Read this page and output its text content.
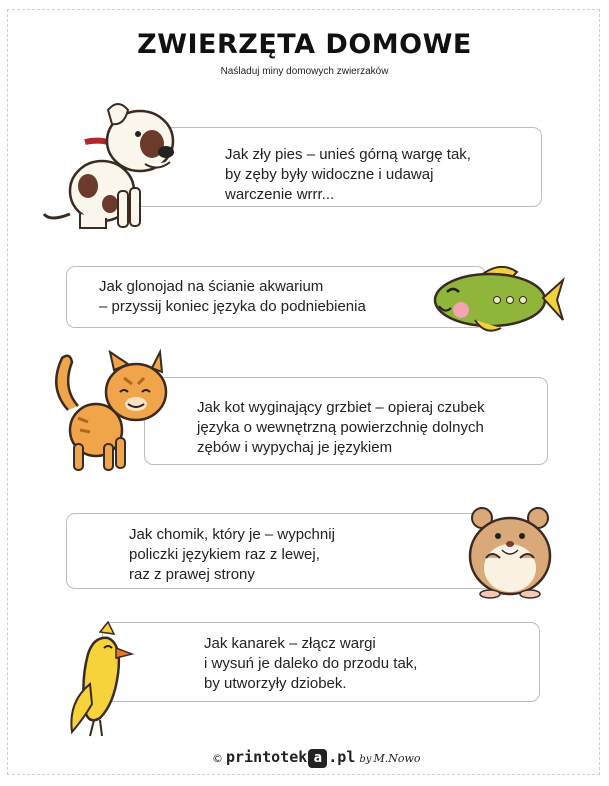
ZWIERZĘTA DOMOWE
Naśladuj miny domowych zwierzaków
Jak zły pies – unieś górną wargę tak,
by zęby były widoczne i udawaj
warczenie wrrr...
Jak glonojad na ścianie akwarium
– przyssij koniec języka do podniebienia
Jak kot wyginający grzbiet – opieraj czubek
języka o wewnętrzną powierzchnię dolnych
zębów i wypychaj je językiem
Jak chomik, który je – wypchnij
policzki językiem raz z lewej,
raz z prawej strony
Jak kanarek – złącz wargi
i wysuń je daleko do przodu tak,
by utworzyły dziobek.
© printotek a .pl by M.Nowo
